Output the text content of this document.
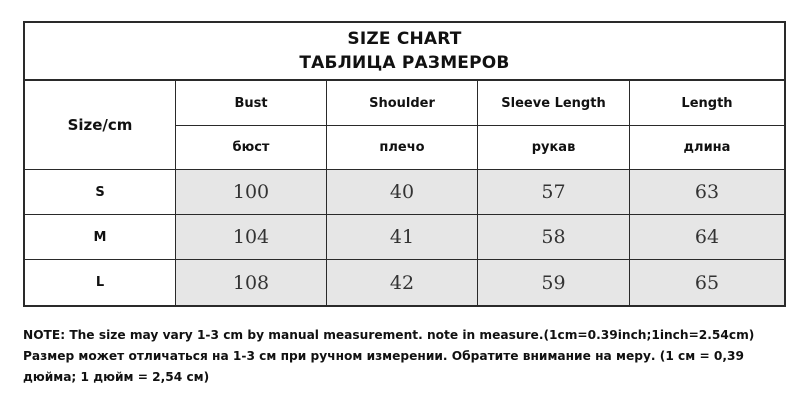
SIZE CHART
ТАБЛИЦА РАЗМЕРОВ
Size/cm
Bust	Shoulder	Sleeve Length	Length
бюст	плечо	рукав	длина
S	100	40	57	63
M	104	41	58	64
L	108	42	59	65
NOTE: The size may vary 1-3 cm by manual measurement. note in measure.(1cm=0.39inch;1inch=2.54cm)
Размер может отличаться на 1-3 см при ручном измерении. Обратите внимание на меру. (1 см = 0,39
дюйма; 1 дюйм = 2,54 см)
